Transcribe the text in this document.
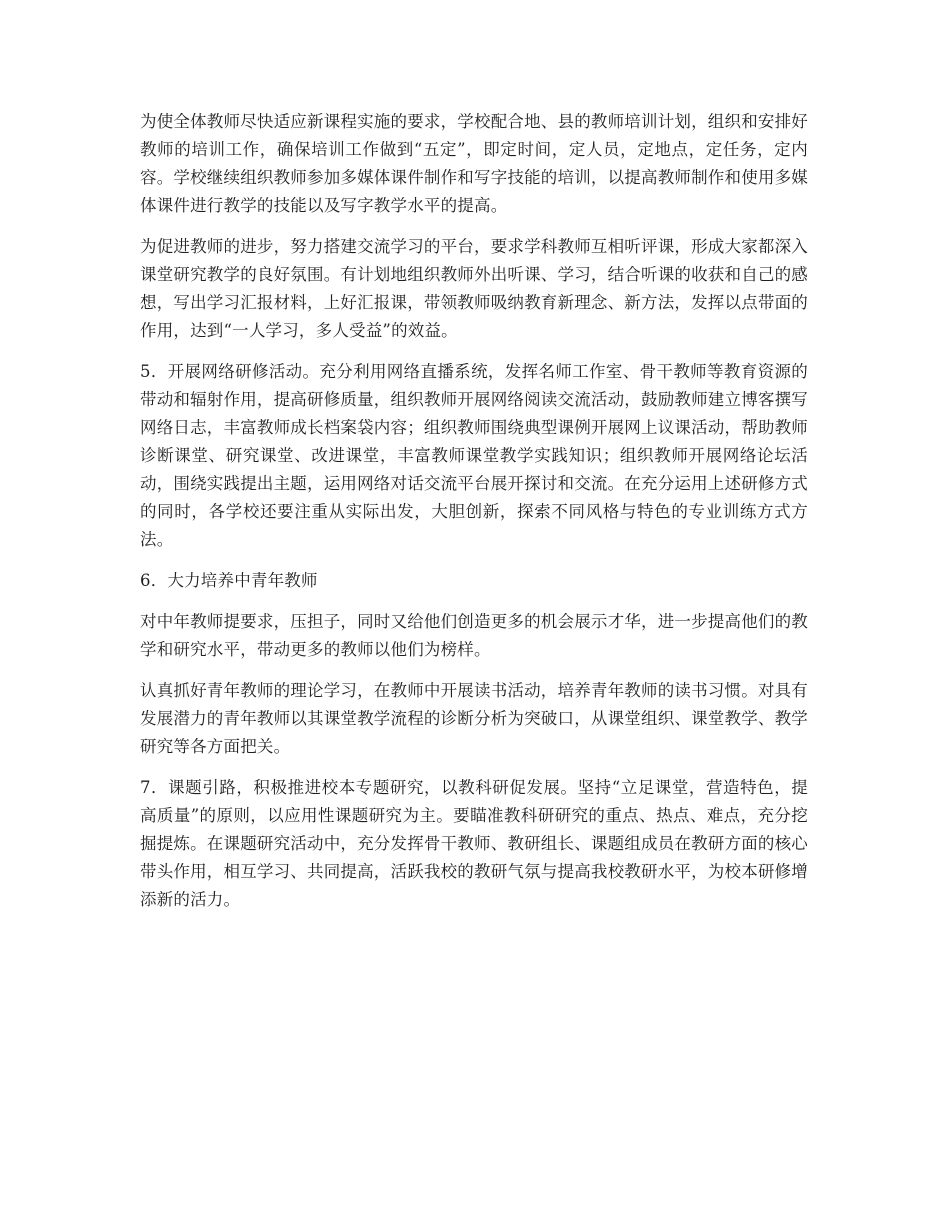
为使全体教师尽快适应新课程实施的要求，学校配合地、县的教师培训计划，组织和安排好教师的培训工作，确保培训工作做到“五定”，即定时间，定人员，定地点，定任务，定内容。学校继续组织教师参加多媒体课件制作和写字技能的培训，以提高教师制作和使用多媒体课件进行教学的技能以及写字教学水平的提高。

为促进教师的进步，努力搭建交流学习的平台，要求学科教师互相听评课，形成大家都深入课堂研究教学的良好氛围。有计划地组织教师外出听课、学习，结合听课的收获和自己的感想，写出学习汇报材料，上好汇报课，带领教师吸纳教育新理念、新方法，发挥以点带面的作用，达到“一人学习，多人受益”的效益。

5．开展网络研修活动。充分利用网络直播系统，发挥名师工作室、骨干教师等教育资源的带动和辐射作用，提高研修质量，组织教师开展网络阅读交流活动，鼓励教师建立博客撰写网络日志，丰富教师成长档案袋内容；组织教师围绕典型课例开展网上议课活动，帮助教师诊断课堂、研究课堂、改进课堂，丰富教师课堂教学实践知识；组织教师开展网络论坛活动，围绕实践提出主题，运用网络对话交流平台展开探讨和交流。在充分运用上述研修方式的同时，各学校还要注重从实际出发，大胆创新，探索不同风格与特色的专业训练方式方法。

6．大力培养中青年教师

对中年教师提要求，压担子，同时又给他们创造更多的机会展示才华，进一步提高他们的教学和研究水平，带动更多的教师以他们为榜样。

认真抓好青年教师的理论学习，在教师中开展读书活动，培养青年教师的读书习惯。对具有发展潜力的青年教师以其课堂教学流程的诊断分析为突破口，从课堂组织、课堂教学、教学研究等各方面把关。

7．课题引路，积极推进校本专题研究，以教科研促发展。坚持“立足课堂，营造特色，提高质量”的原则，以应用性课题研究为主。要瞄准教科研研究的重点、热点、难点，充分挖掘提炼。在课题研究活动中，充分发挥骨干教师、教研组长、课题组成员在教研方面的核心带头作用，相互学习、共同提高，活跃我校的教研气氛与提高我校教研水平，为校本研修增添新的活力。
